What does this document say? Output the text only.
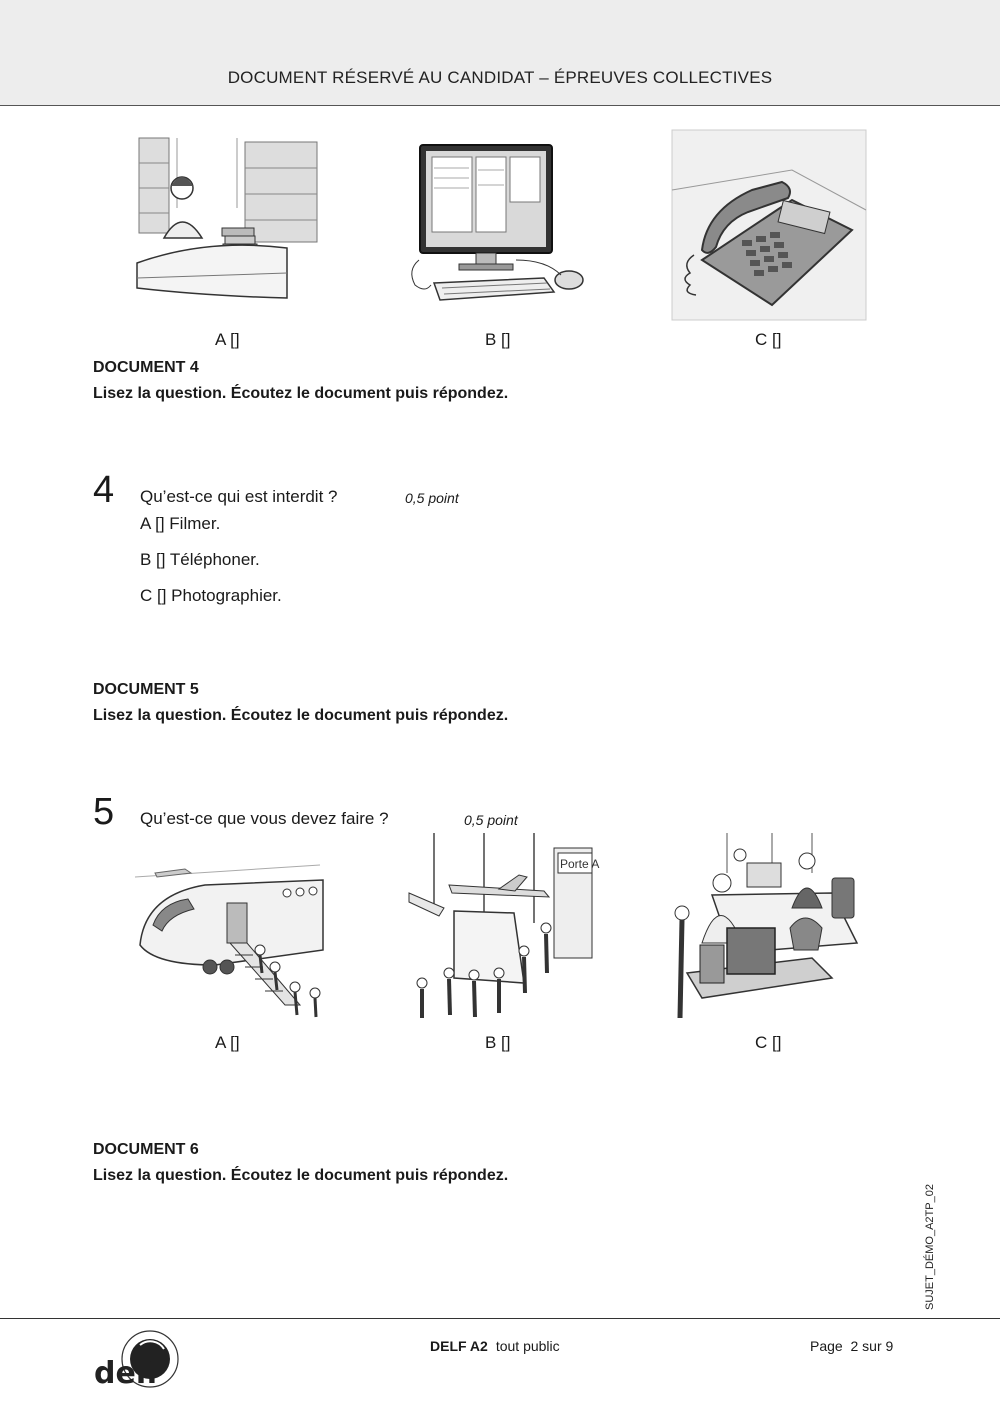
DOCUMENT RÉSERVÉ AU CANDIDAT – ÉPREUVES COLLECTIVES
A []	B []	C []
DOCUMENT 4
Lisez la question. Écoutez le document puis répondez.
4 Qu’est-ce qui est interdit ?	0,5 point
A [] Filmer.
B [] Téléphoner.
C [] Photographier.
DOCUMENT 5
Lisez la question. Écoutez le document puis répondez.
5 Qu’est-ce que vous devez faire ?	0,5 point
Porte A
A []	B []	C []
DOCUMENT 6
Lisez la question. Écoutez le document puis répondez.
SUJET_DÉMO_A2TP_02
delf
DELF A2 tout public	Page  2 sur 9
